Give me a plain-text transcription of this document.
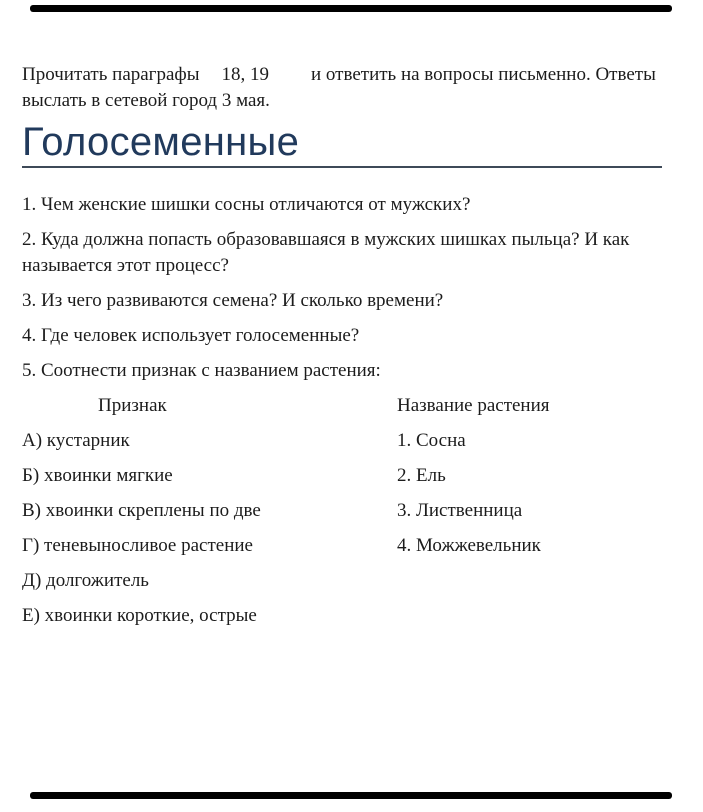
Прочитать параграфы 18, 19 и ответить на вопросы письменно. Ответы выслать в сетевой город 3 мая.

Голосеменные

1. Чем женские шишки сосны отличаются от мужских?

2. Куда должна попасть образовавшаяся в мужских шишках пыльца? И как называется этот процесс?

3. Из чего развиваются семена? И сколько времени?

4. Где человек использует голосеменные?

5. Соотнести признак с названием растения:

Признак	Название растения
А) кустарник	1. Сосна
Б) хвоинки мягкие	2. Ель
В) хвоинки скреплены по две	3. Лиственница
Г) теневыносливое растение	4. Можжевельник
Д) долгожитель
Е) хвоинки короткие, острые
